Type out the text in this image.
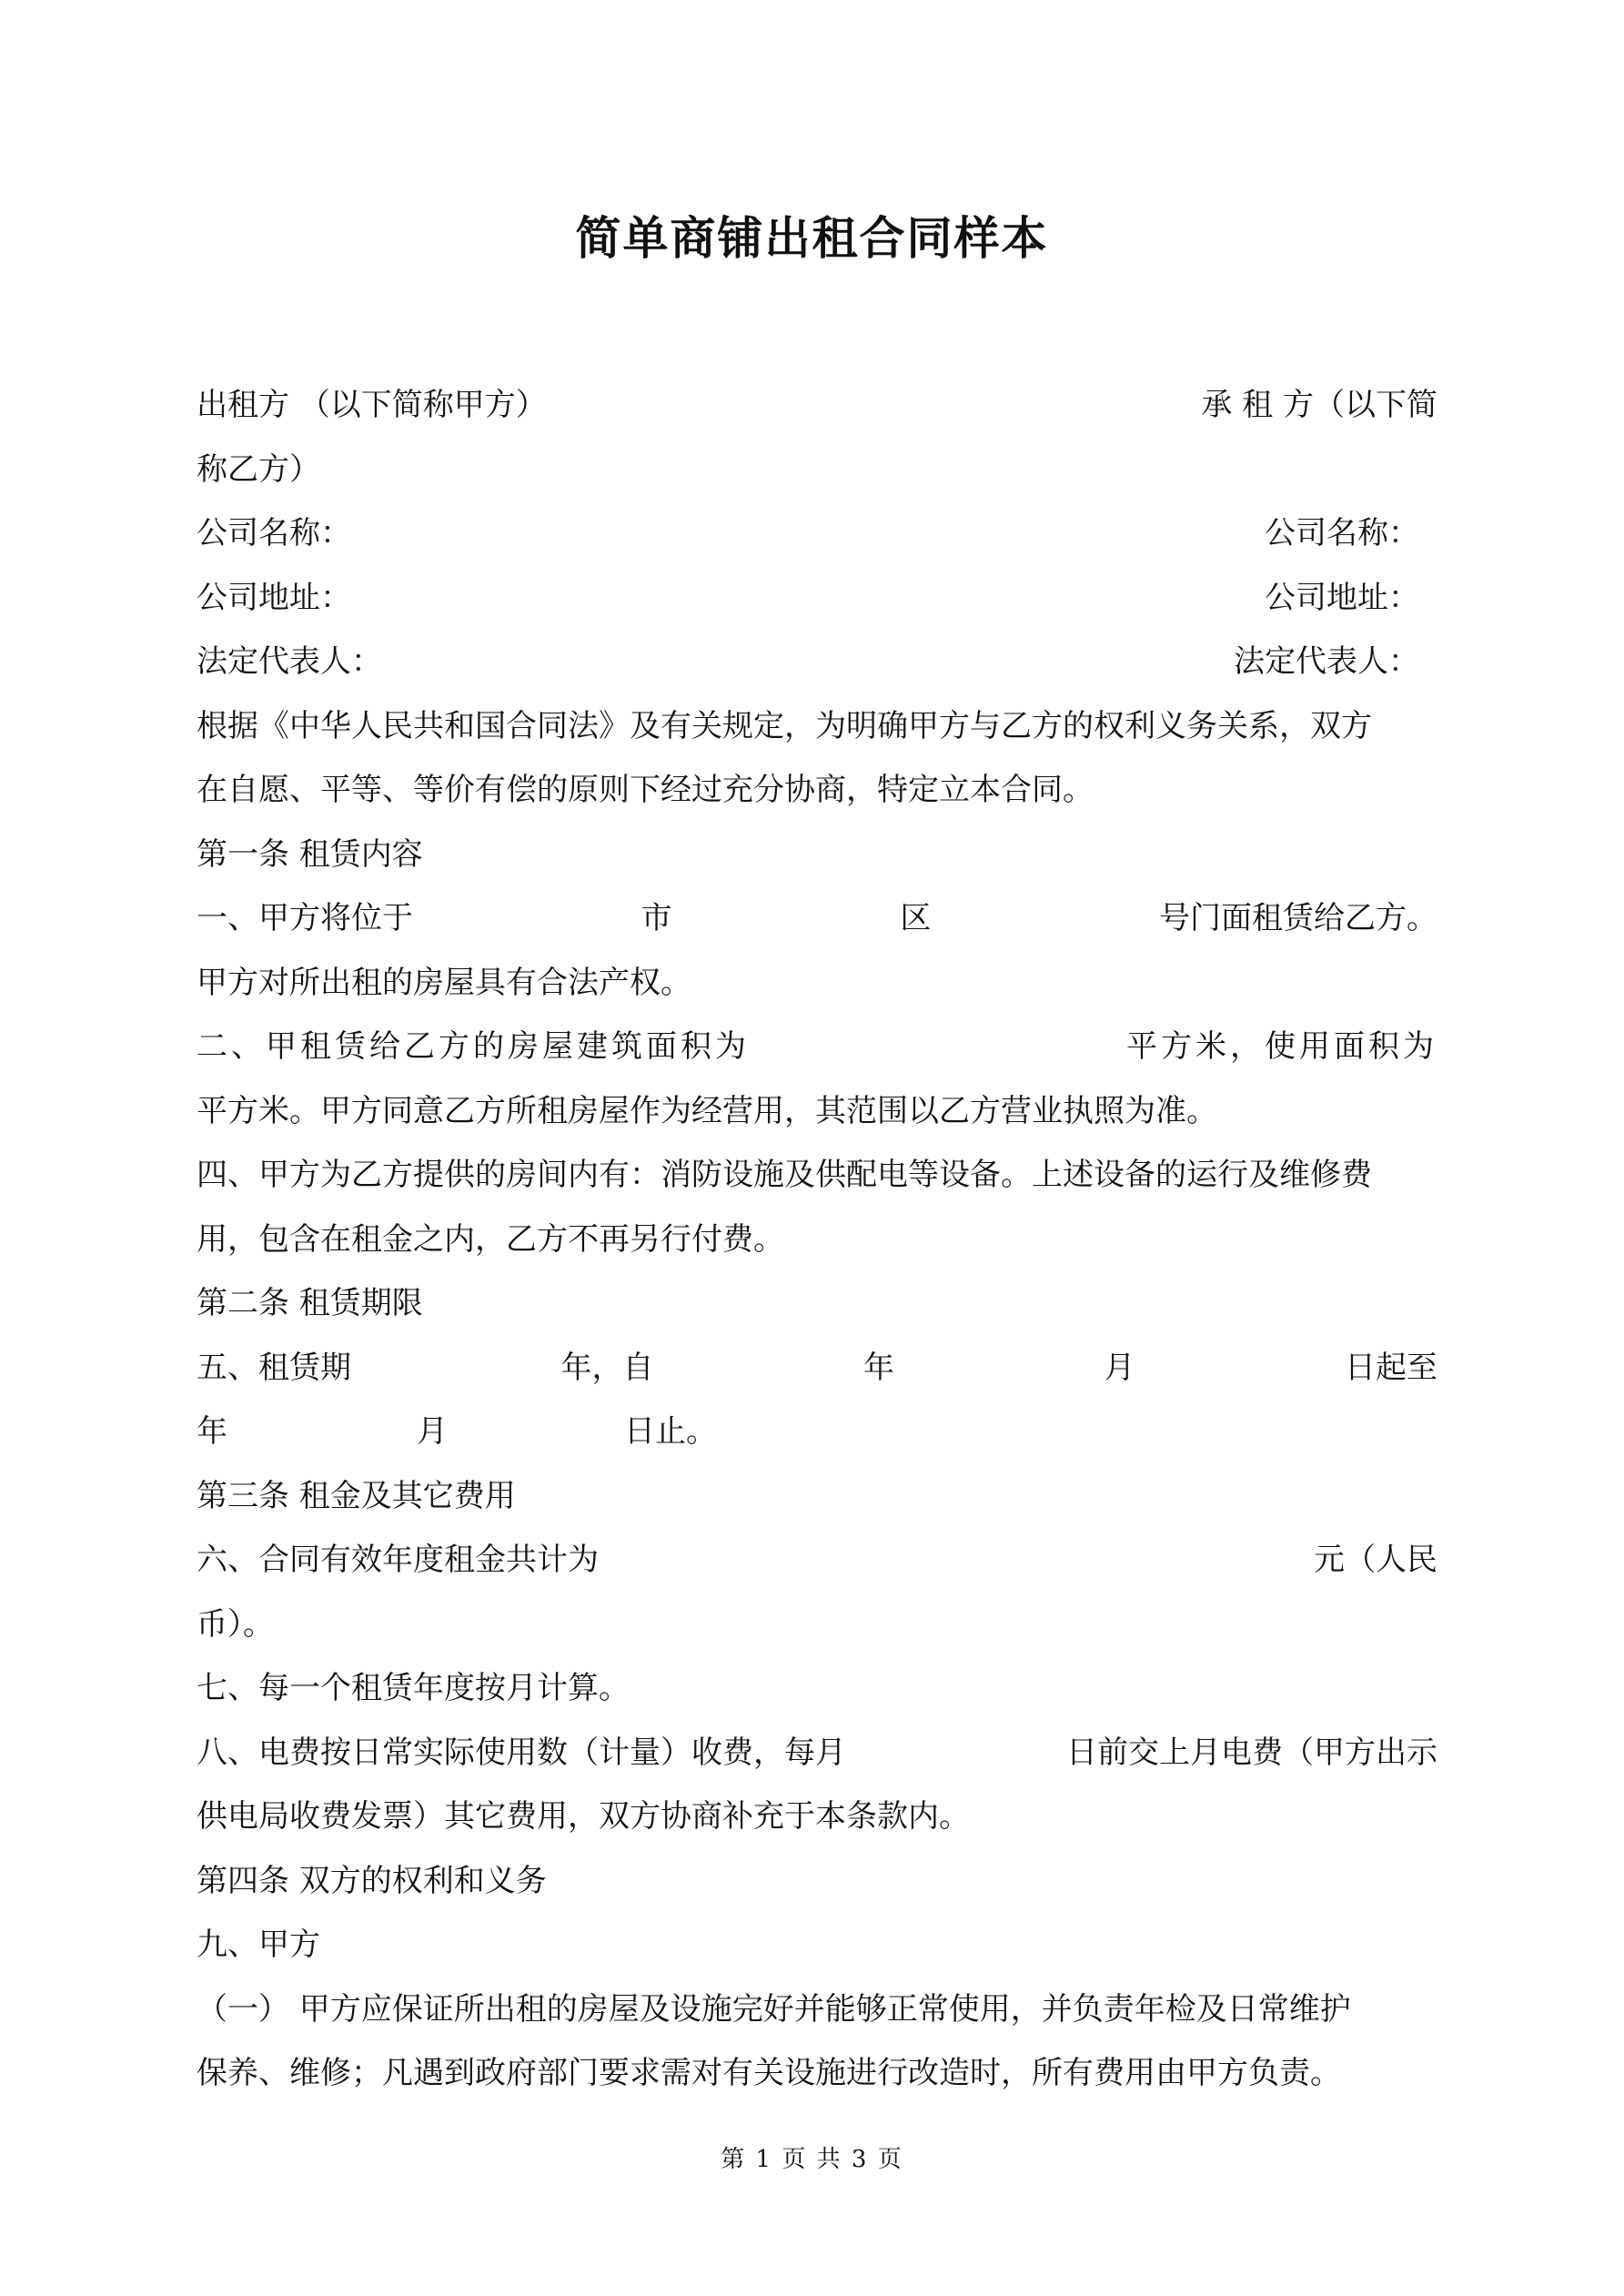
简单商铺出租合同样本
出租方 （以下简称甲方）	承 租 方（以下简
称乙方）
公司名称：	公司名称：
公司地址：	公司地址：
法定代表人：	法定代表人：
根据《中华人民共和国合同法》及有关规定，为明确甲方与乙方的权利义务关系，双方
在自愿、平等、等价有偿的原则下经过充分协商，特定立本合同。
第一条 租赁内容
一、甲方将位于	市	区	号门面租赁给乙方。
甲方对所出租的房屋具有合法产权。
二、甲租赁给乙方的房屋建筑面积为	平方米，使用面积为
平方米。甲方同意乙方所租房屋作为经营用，其范围以乙方营业执照为准。
四、甲方为乙方提供的房间内有：消防设施及供配电等设备。上述设备的运行及维修费
用，包含在租金之内，乙方不再另行付费。
第二条 租赁期限
五、租赁期	年，自	年	月	日起至
年	月	日止。
第三条 租金及其它费用
六、合同有效年度租金共计为	元（人民
币）。
七、每一个租赁年度按月计算。
八、电费按日常实际使用数（计量）收费，每月	日前交上月电费（甲方出示
供电局收费发票）其它费用，双方协商补充于本条款内。
第四条 双方的权利和义务
九、甲方
（一） 甲方应保证所出租的房屋及设施完好并能够正常使用，并负责年检及日常维护
保养、维修；凡遇到政府部门要求需对有关设施进行改造时，所有费用由甲方负责。
第 1 页 共 3 页
